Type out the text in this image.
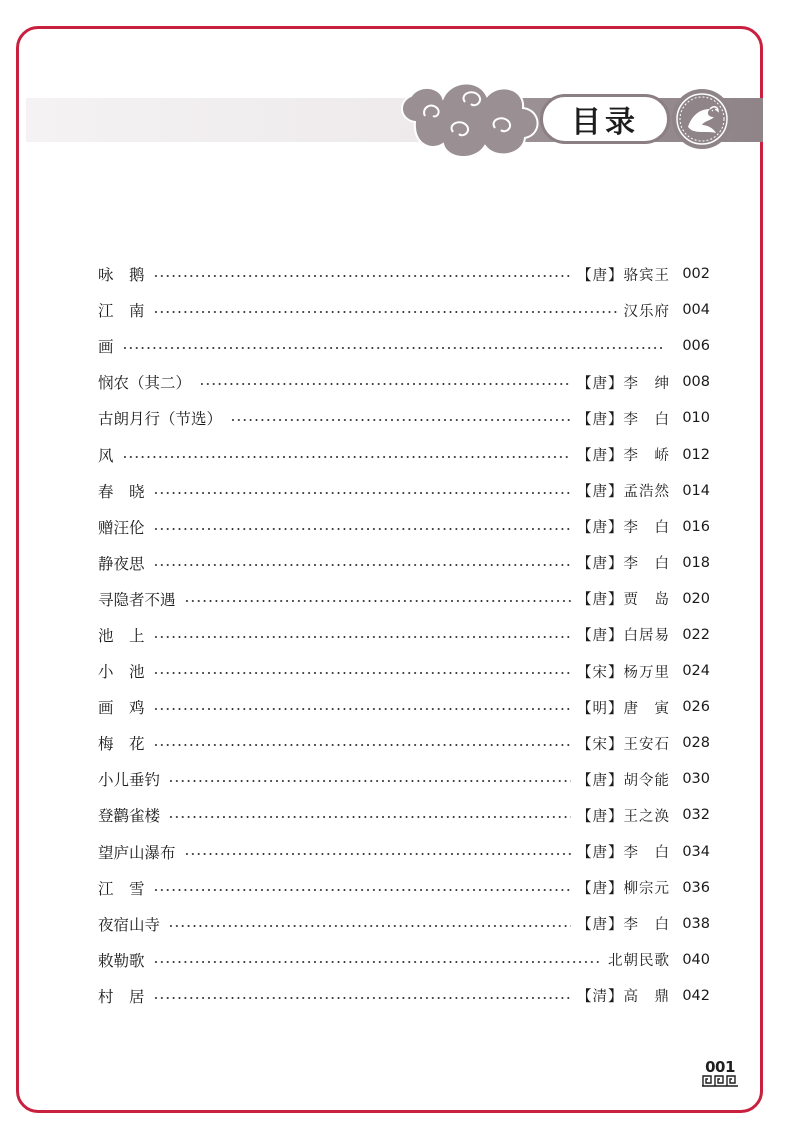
目录
咏　鹅	【唐】骆宾王 002
江　南	汉乐府 004
画	006
悯农（其二）	【唐】李　绅 008
古朗月行（节选）	【唐】李　白 010
风	【唐】李　峤 012
春　晓	【唐】孟浩然 014
赠汪伦	【唐】李　白 016
静夜思	【唐】李　白 018
寻隐者不遇	【唐】贾　岛 020
池　上	【唐】白居易 022
小　池	【宋】杨万里 024
画　鸡	【明】唐　寅 026
梅　花	【宋】王安石 028
小儿垂钓	【唐】胡令能 030
登鹳雀楼	【唐】王之涣 032
望庐山瀑布	【唐】李　白 034
江　雪	【唐】柳宗元 036
夜宿山寺	【唐】李　白 038
敕勒歌	北朝民歌 040
村　居	【清】高　鼎 042
001
